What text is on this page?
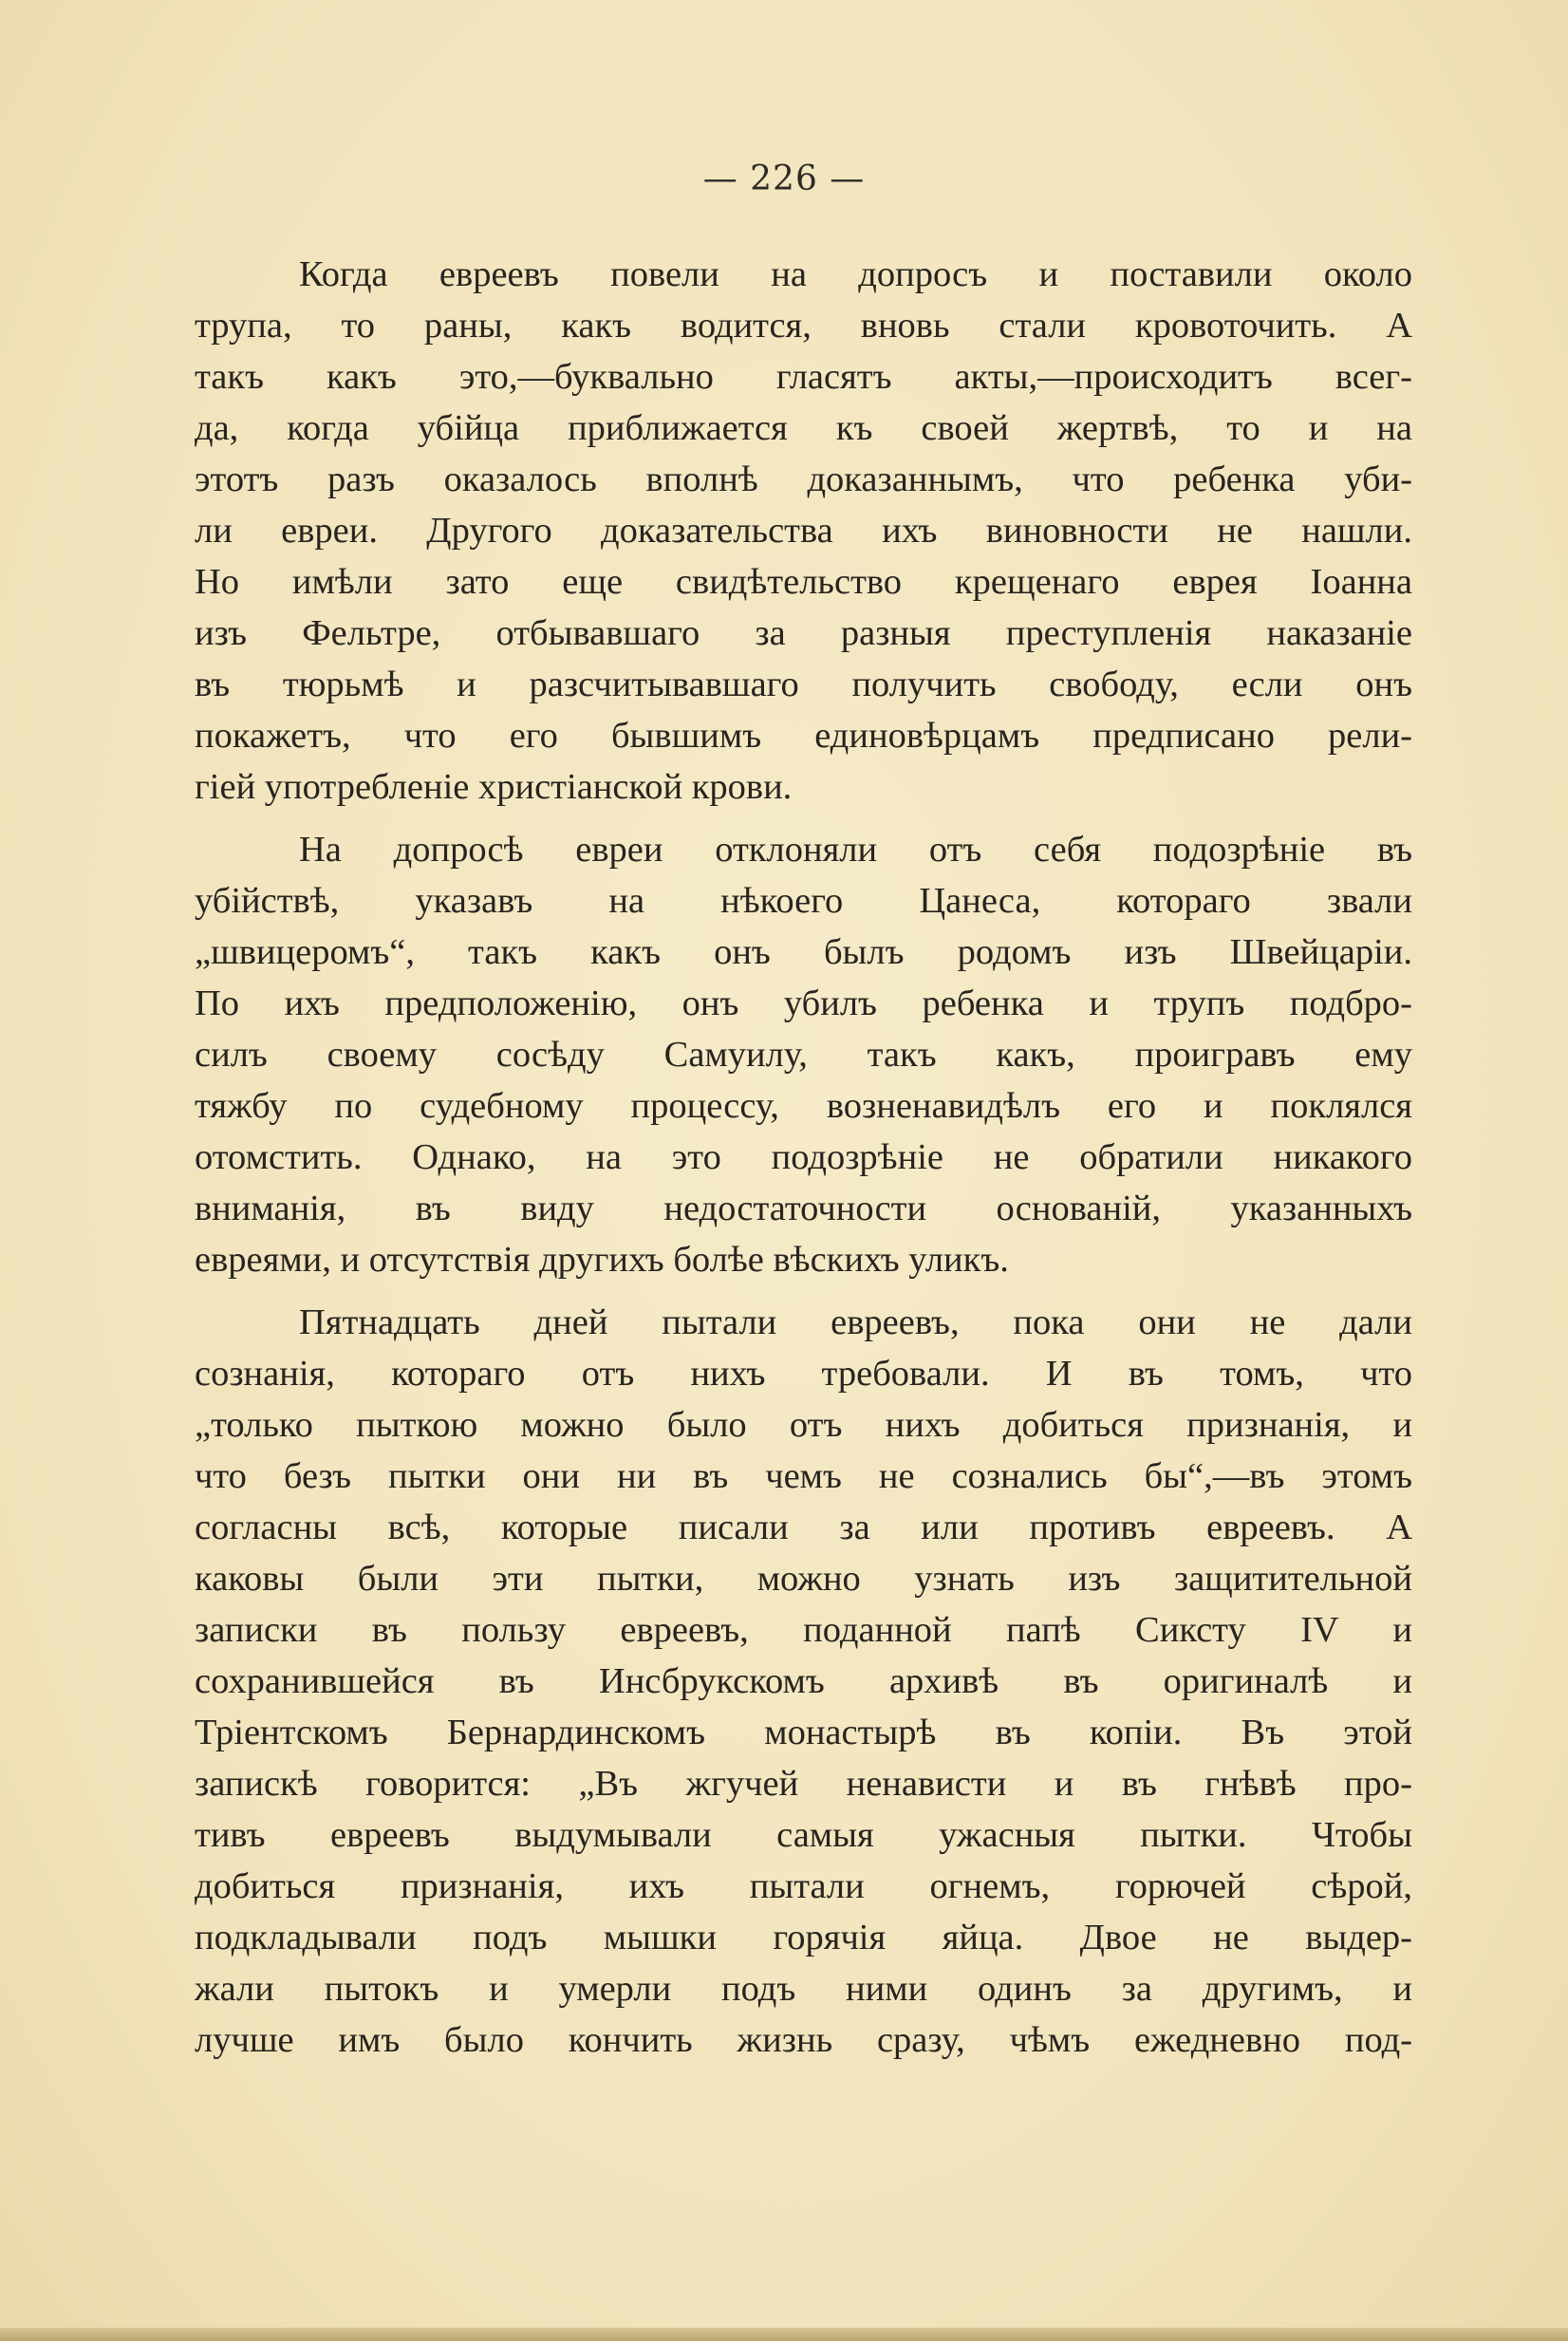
— 226 —
Когда евреевъ повели на допросъ и поставили около
трупа, то раны, какъ водится, вновь стали кровоточить. А
такъ какъ это,—буквально гласятъ акты,—происходитъ всег-
да, когда убійца приближается къ своей жертвѣ, то и на
этотъ разъ оказалось вполнѣ доказаннымъ, что ребенка уби-
ли евреи. Другого доказательства ихъ виновности не нашли.
Но имѣли зато еще свидѣтельство крещенаго еврея Іоанна
изъ Фельтре, отбывавшаго за разныя преступленія наказаніе
въ тюрьмѣ и разсчитывавшаго получить свободу, если онъ
покажетъ, что его бывшимъ единовѣрцамъ предписано рели-
гіей употребленіе христіанской крови.
На допросѣ евреи отклоняли отъ себя подозрѣніе въ
убійствѣ, указавъ на нѣкоего Цанеса, котораго звали
„швицеромъ“, такъ какъ онъ былъ родомъ изъ Швейцаріи.
По ихъ предположенію, онъ убилъ ребенка и трупъ подбро-
силъ своему сосѣду Самуилу, такъ какъ, проигравъ ему
тяжбу по судебному процессу, возненавидѣлъ его и поклялся
отомстить. Однако, на это подозрѣніе не обратили никакого
вниманія, въ виду недостаточности основаній, указанныхъ
евреями, и отсутствія другихъ болѣе вѣскихъ уликъ.
Пятнадцать дней пытали евреевъ, пока они не дали
сознанія, котораго отъ нихъ требовали. И въ томъ, что
„только пыткою можно было отъ нихъ добиться признанія, и
что безъ пытки они ни въ чемъ не сознались бы“,—въ этомъ
согласны всѣ, которые писали за или противъ евреевъ. А
каковы были эти пытки, можно узнать изъ защитительной
записки въ пользу евреевъ, поданной папѣ Сиксту IV и
сохранившейся въ Инсбрукскомъ архивѣ въ оригиналѣ и
Тріентскомъ Бернардинскомъ монастырѣ въ копіи. Въ этой
запискѣ говорится: „Въ жгучей ненависти и въ гнѣвѣ про-
тивъ евреевъ выдумывали самыя ужасныя пытки. Чтобы
добиться признанія, ихъ пытали огнемъ, горючей сѣрой,
подкладывали подъ мышки горячія яйца. Двое не выдер-
жали пытокъ и умерли подъ ними одинъ за другимъ, и
лучше имъ было кончить жизнь сразу, чѣмъ ежедневно под-
